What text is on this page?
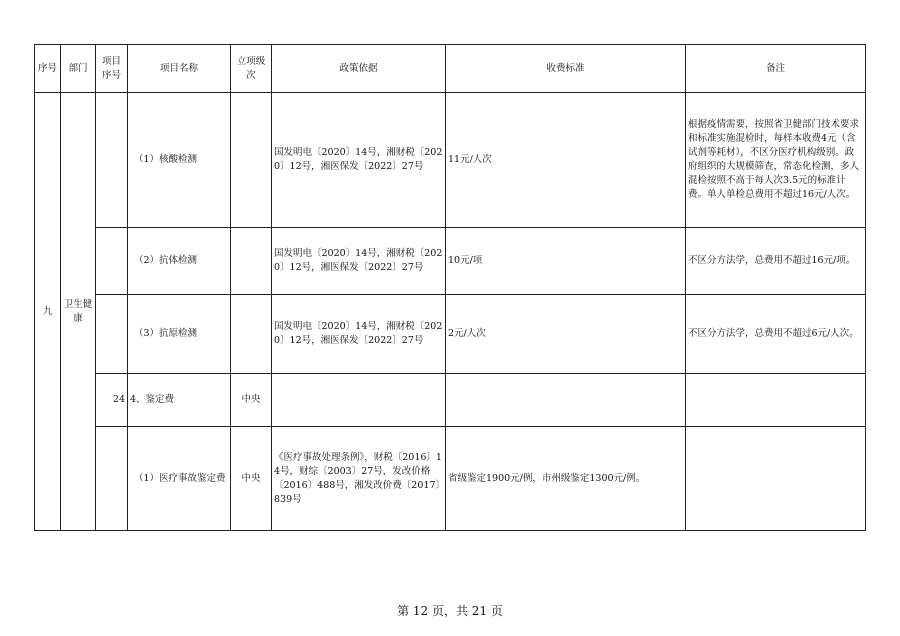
序号	部门	项目序号	项目名称	立项级次	政策依据	收费标准	备注
九	卫生健康		（1）核酸检测		国发明电〔2020〕14号，湘财税〔2020〕12号，湘医保发〔2022〕27号	11元/人次	根据疫情需要，按照省卫健部门技术要求和标准实施混检时，每样本收费4元（含试剂等耗材），不区分医疗机构级别。政府组织的大规模筛查，常态化检测，多人混检按照不高于每人次3.5元的标准计费。单人单检总费用不超过16元/人次。
			（2）抗体检测		国发明电〔2020〕14号，湘财税〔2020〕12号，湘医保发〔2022〕27号	10元/项	不区分方法学，总费用不超过16元/项。
			（3）抗原检测		国发明电〔2020〕14号，湘财税〔2020〕12号，湘医保发〔2022〕27号	2元/人次	不区分方法学，总费用不超过6元/人次。
		24	4、鉴定费	中央			
			（1）医疗事故鉴定费	中央	《医疗事故处理条例》，财税〔2016〕14号，财综〔2003〕27号，发改价格〔2016〕488号，湘发改价费〔2017〕839号	省级鉴定1900元/例，市州级鉴定1300元/例。	
第 12 页，共 21 页
